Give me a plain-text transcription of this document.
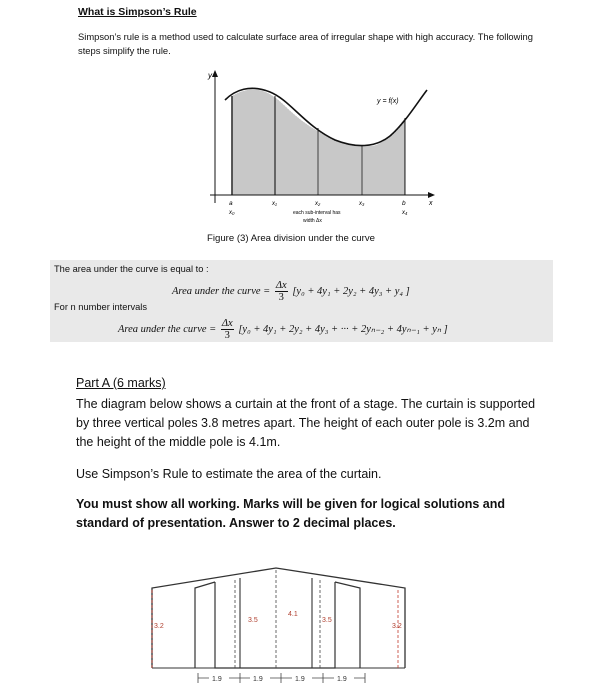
What is Simpson’s Rule
Simpson’s rule is a method used to calculate surface area of irregular shape with high accuracy. The following steps simplify the rule.
y
x
y = f(x)
a
x₀
x₁	x₂	x₃	b
x₄
each sub-interval has
width Δx
Figure (3) Area division under the curve
The area under the curve is equal to :
Area under the curve = $\frac{\Delta x}{3} [y_0 + 4y_1 + 2y_2 + 4y_3 + y_4$ ]
For n number intervals
Area under the curve = $\frac{\Delta x}{3} [y_0 + 4y_1 + 2y_2 + 4y_3$ + ··· + 2yₙ₋₂ + 4yₙ₋₁ + yₙ ]
Part A (6 marks)
The diagram below shows a curtain at the front of a stage. The curtain is supported by three vertical poles 3.8 metres apart. The height of each outer pole is 3.2m and the height of the middle pole is 4.1m.
Use Simpson’s Rule to estimate the area of the curtain.
You must show all working. Marks will be given for logical solutions and standard of presentation. Answer to 2 decimal places.
3.2
3.5
4.1
3.5
3.2
1.9	1.9	1.9	1.9
